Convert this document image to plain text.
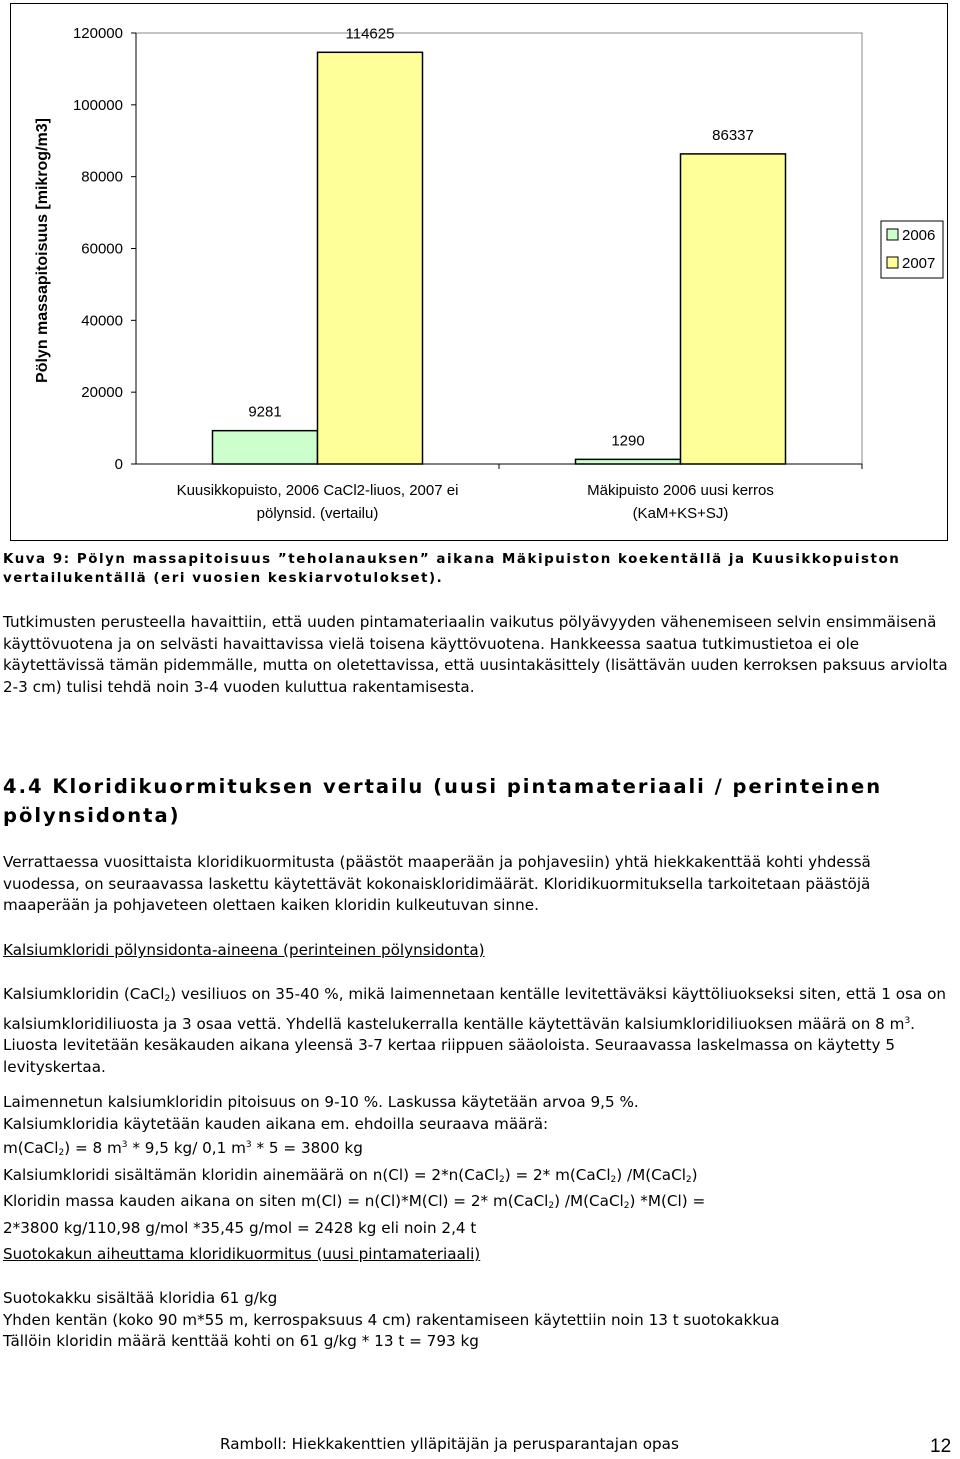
0
20000
40000
60000
80000
100000
120000
Pölyn massapitoisuus [mikrog/m3]
9281
114625
Kuusikkopuisto, 2006 CaCl2-liuos, 2007 ei
pölynsid. (vertailu)
1290
86337
Mäkipuisto 2006 uusi kerros
(KaM+KS+SJ)
2006
2007

Kuva 9: Pölyn massapitoisuus ”teholanauksen” aikana Mäkipuiston koekentällä ja Kuusikkopuiston vertailukentällä (eri vuosien keskiarvotulokset).

Tutkimusten perusteella havaittiin, että uuden pintamateriaalin vaikutus pölyävyyden vähenemiseen selvin ensimmäisenä käyttövuotena ja on selvästi havaittavissa vielä toisena käyttövuotena. Hankkeessa saatua tutkimustietoa ei ole käytettävissä tämän pidemmälle, mutta on oletettavissa, että uusintakäsittely (lisättävän uuden kerroksen paksuus arviolta 2-3 cm) tulisi tehdä noin 3-4 vuoden kuluttua rakentamisesta.

4.4 Kloridikuormituksen vertailu (uusi pintamateriaali / perinteinen pölynsidonta)

Verrattaessa vuosittaista kloridikuormitusta (päästöt maaperään ja pohjavesiin) yhtä hiekkakenttää kohti yhdessä vuodessa, on seuraavassa laskettu käytettävät kokonaiskloridimäärät. Kloridikuormituksella tarkoitetaan päästöjä maaperään ja pohjaveteen olettaen kaiken kloridin kulkeutuvan sinne.

Kalsiumkloridi pölynsidonta-aineena (perinteinen pölynsidonta)

Kalsiumkloridin (CaCl$_2$) vesiliuos on 35-40 %, mikä laimennetaan kentälle levitettäväksi käyttöliuokseksi siten, että 1 osa on kalsiumkloridiliuosta ja 3 osaa vettä. Yhdellä kastelukerralla kentälle käytettävän kalsiumkloridiliuoksen määrä on 8 $m^3$. Liuosta levitetään kesäkauden aikana yleensä 3-7 kertaa riippuen sääoloista. Seuraavassa laskelmassa on käytetty 5 levityskertaa.

Laimennetun kalsiumkloridin pitoisuus on 9-10 %. Laskussa käytetään arvoa 9,5 %.
Kalsiumkloridia käytetään kauden aikana em. ehdoilla seuraava määrä:
m(CaCl$_2$) = 8 $m^3 * 9,5$ kg/ 0,1 $m^3 * 5 = 3800$ kg
Kalsiumkloridi sisältämän kloridin ainemäärä on n(Cl) = 2*n(CaCl$_2$) = 2* m(CaCl$_2$) /M(CaCl$_2$)
Kloridin massa kauden aikana on siten m(Cl) = n(Cl)*M(Cl) = 2* m(CaCl$_2$) /M(CaCl$_2$) *M(Cl) =
2*3800 kg/110,98 g/mol *35,45 g/mol = 2428 kg eli noin 2,4 t

Suotokakun aiheuttama kloridikuormitus (uusi pintamateriaali)

Suotokakku sisältää kloridia 61 g/kg
Yhden kentän (koko 90 m*55 m, kerrospaksuus 4 cm) rakentamiseen käytettiin noin 13 t suotokakkua
Tällöin kloridin määrä kenttää kohti on 61 g/kg * 13 t = 793 kg
Ramboll: Hiekkakenttien ylläpitäjän ja perusparantajan opas	12
